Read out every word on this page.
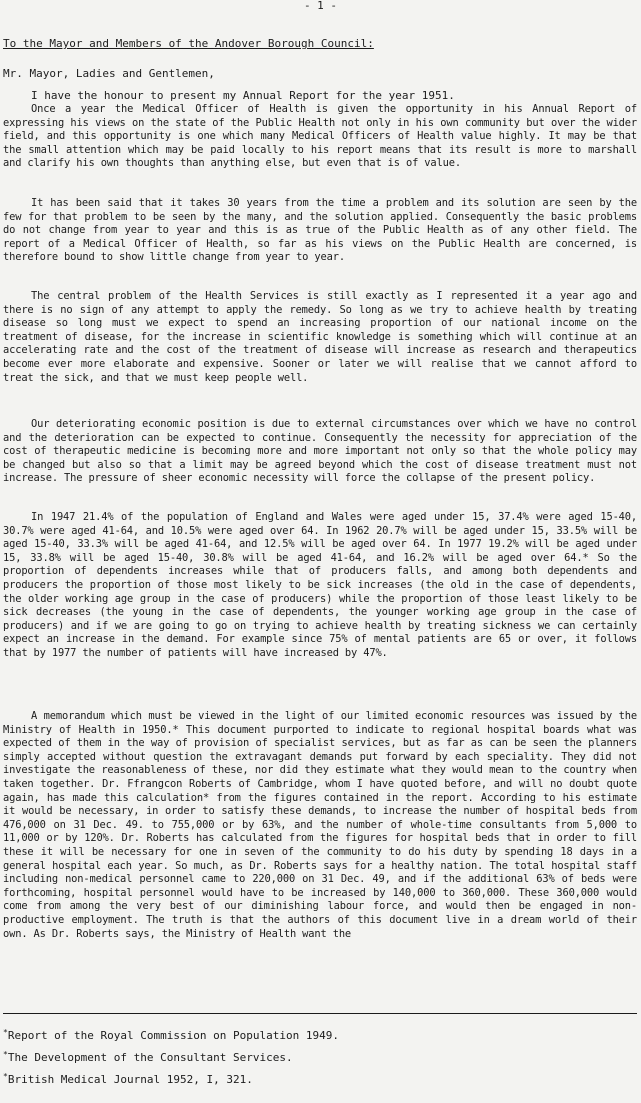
- 1 -
To the Mayor and Members of the Andover Borough Council:
Mr. Mayor, Ladies and Gentlemen,
I have the honour to present my Annual Report for the year 1951.

Once a year the Medical Officer of Health is given the opportunity in his Annual Report of expressing his views on the state of the Public Health not only in his own community but over the wider field, and this opportunity is one which many Medical Officers of Health value highly. It may be that the small attention which may be paid locally to his report means that its result is more to marshall and clarify his own thoughts than anything else, but even that is of value.

It has been said that it takes 30 years from the time a problem and its solution are seen by the few for that problem to be seen by the many, and the solution applied. Consequently the basic problems do not change from year to year and this is as true of the Public Health as of any other field. The report of a Medical Officer of Health, so far as his views on the Public Health are concerned, is therefore bound to show little change from year to year.

The central problem of the Health Services is still exactly as I represented it a year ago and there is no sign of any attempt to apply the remedy. So long as we try to achieve health by treating disease so long must we expect to spend an increasing proportion of our national income on the treatment of disease, for the increase in scientific knowledge is something which will continue at an accelerating rate and the cost of the treatment of disease will increase as research and therapeutics become ever more elaborate and expensive. Sooner or later we will realise that we cannot afford to treat the sick, and that we must keep people well.

Our deteriorating economic position is due to external circumstances over which we have no control and the deterioration can be expected to continue. Consequently the necessity for appreciation of the cost of therapeutic medicine is becoming more and more important not only so that the whole policy may be changed but also so that a limit may be agreed beyond which the cost of disease treatment must not increase. The pressure of sheer economic necessity will force the collapse of the present policy.

In 1947 21.4% of the population of England and Wales were aged under 15, 37.4% were aged 15-40, 30.7% were aged 41-64, and 10.5% were aged over 64. In 1962 20.7% will be aged under 15, 33.5% will be aged 15-40, 33.3% will be aged 41-64, and 12.5% will be aged over 64. In 1977 19.2% will be aged under 15, 33.8% will be aged 15-40, 30.8% will be aged 41-64, and 16.2% will be aged over 64.* So the proportion of dependents increases while that of producers falls, and among both dependents and producers the proportion of those most likely to be sick increases (the old in the case of dependents, the older working age group in the case of producers) while the proportion of those least likely to be sick decreases (the young in the case of dependents, the younger working age group in the case of producers) and if we are going to go on trying to achieve health by treating sickness we can certainly expect an increase in the demand. For example since 75% of mental patients are 65 or over, it follows that by 1977 the number of patients will have increased by 47%.

A memorandum which must be viewed in the light of our limited economic resources was issued by the Ministry of Health in 1950.* This document purported to indicate to regional hospital boards what was expected of them in the way of provision of specialist services, but as far as can be seen the planners simply accepted without question the extravagant demands put forward by each speciality. They did not investigate the reasonableness of these, nor did they estimate what they would mean to the country when taken together. Dr. Ffrangcon Roberts of Cambridge, whom I have quoted before, and will no doubt quote again, has made this calculation* from the figures contained in the report. According to his estimate it would be necessary, in order to satisfy these demands, to increase the number of hospital beds from 476,000 on 31 Dec. 49. to 755,000 or by 63%, and the number of whole-time consultants from 5,000 to 11,000 or by 120%. Dr. Roberts has calculated from the figures for hospital beds that in order to fill these it will be necessary for one in seven of the community to do his duty by spending 18 days in a general hospital each year. So much, as Dr. Roberts says for a healthy nation. The total hospital staff including non-medical personnel came to 220,000 on 31 Dec. 49, and if the additional 63% of beds were forthcoming, hospital personnel would have to be increased by 140,000 to 360,000. These 360,000 would come from among the very best of our diminishing labour force, and would then be engaged in non-productive employment. The truth is that the authors of this document live in a dream world of their own. As Dr. Roberts says, the Ministry of Health want the

*Report of the Royal Commission on Population 1949.
*The Development of the Consultant Services.
*British Medical Journal 1952, I, 321.
